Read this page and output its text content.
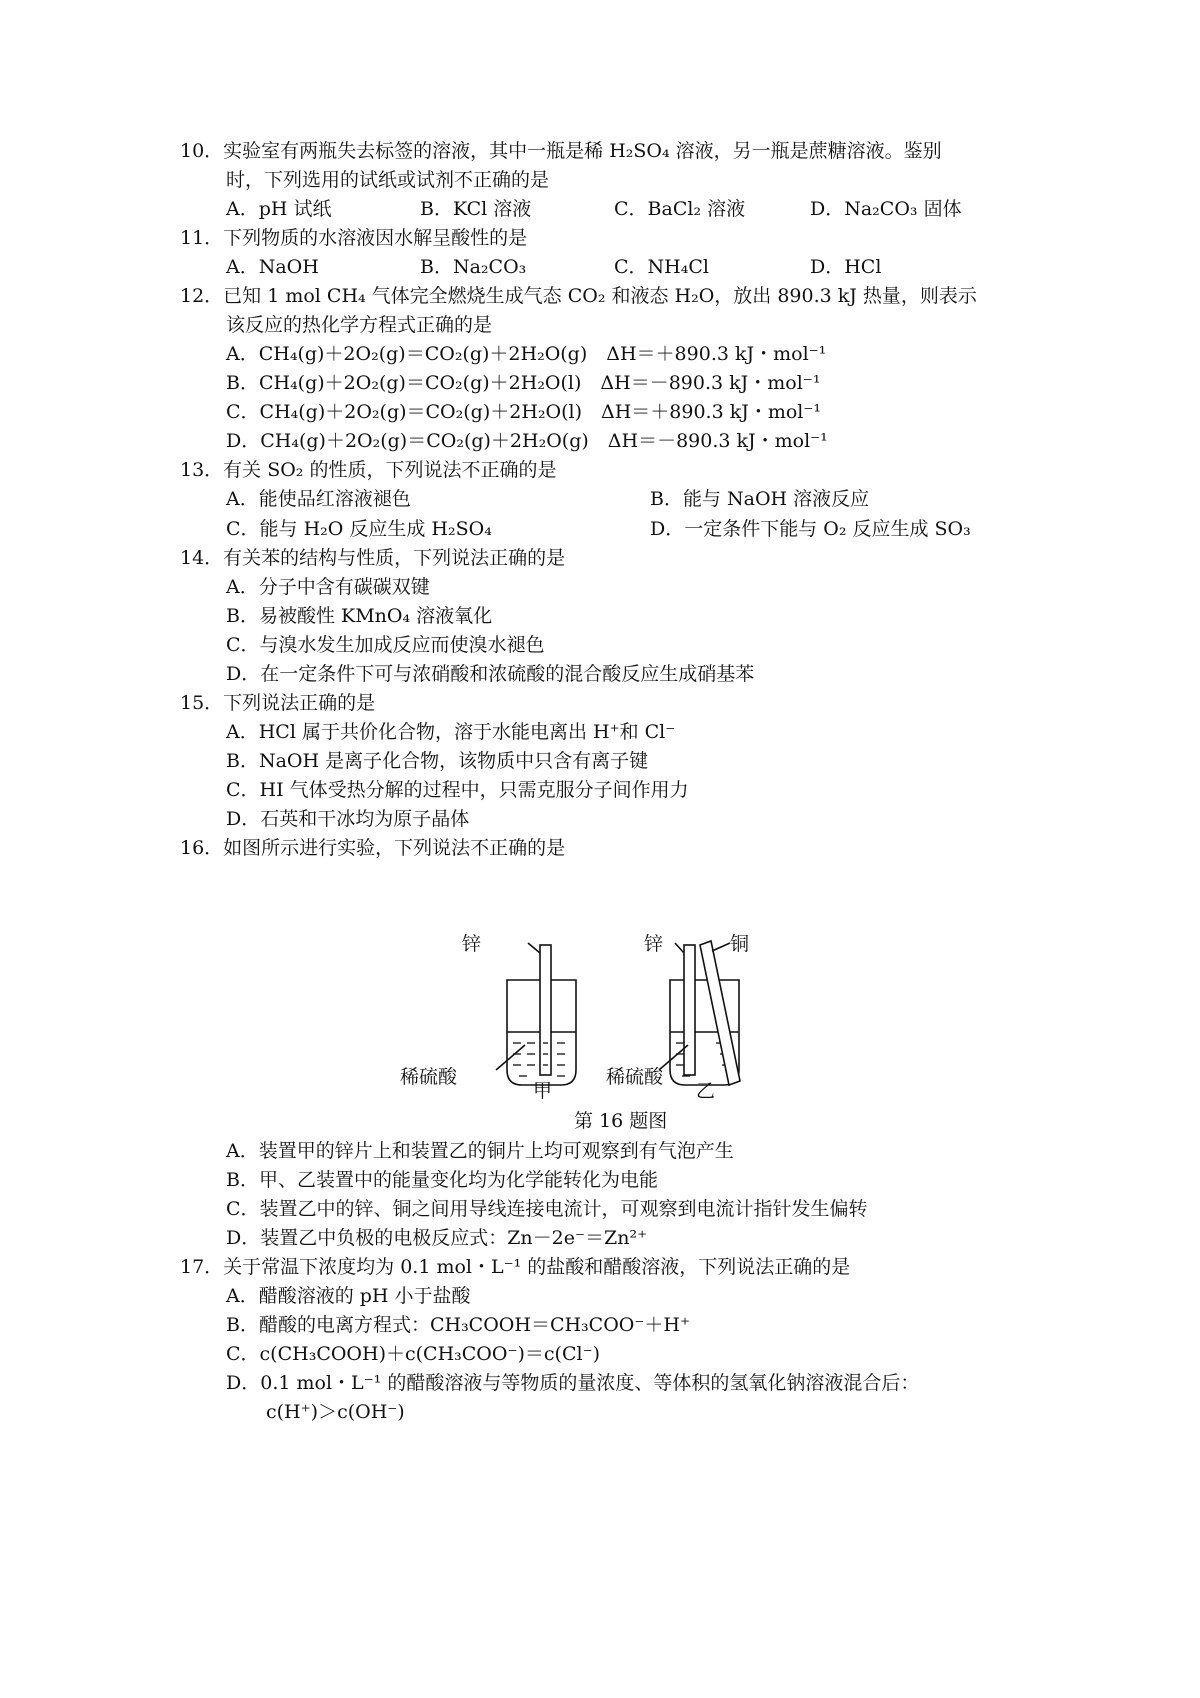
10．实验室有两瓶失去标签的溶液，其中一瓶是稀 H₂SO₄ 溶液，另一瓶是蔗糖溶液。鉴别
时，下列选用的试纸或试剂不正确的是
A．pH 试纸	B．KCl 溶液	C．BaCl₂ 溶液	D．Na₂CO₃ 固体
11．下列物质的水溶液因水解呈酸性的是
A．NaOH	B．Na₂CO₃	C．NH₄Cl	D．HCl
12．已知 1 mol CH₄ 气体完全燃烧生成气态 CO₂ 和液态 H₂O，放出 890.3 kJ 热量，则表示
该反应的热化学方程式正确的是
A．CH₄(g)＋2O₂(g)＝CO₂(g)＋2H₂O(g)　ΔH＝＋890.3 kJ・mol⁻¹
B．CH₄(g)＋2O₂(g)＝CO₂(g)＋2H₂O(l)　ΔH＝－890.3 kJ・mol⁻¹
C．CH₄(g)＋2O₂(g)＝CO₂(g)＋2H₂O(l)　ΔH＝＋890.3 kJ・mol⁻¹
D．CH₄(g)＋2O₂(g)＝CO₂(g)＋2H₂O(g)　ΔH＝－890.3 kJ・mol⁻¹
13．有关 SO₂ 的性质，下列说法不正确的是
A．能使品红溶液褪色	B．能与 NaOH 溶液反应
C．能与 H₂O 反应生成 H₂SO₄	D．一定条件下能与 O₂ 反应生成 SO₃
14．有关苯的结构与性质，下列说法正确的是
A．分子中含有碳碳双键
B．易被酸性 KMnO₄ 溶液氧化
C．与溴水发生加成反应而使溴水褪色
D．在一定条件下可与浓硝酸和浓硫酸的混合酸反应生成硝基苯
15．下列说法正确的是
A．HCl 属于共价化合物，溶于水能电离出 H⁺和 Cl⁻
B．NaOH 是离子化合物，该物质中只含有离子键
C．HI 气体受热分解的过程中，只需克服分子间作用力
D．石英和干冰均为原子晶体
16．如图所示进行实验，下列说法不正确的是
锌
稀硫酸
甲
锌	铜
稀硫酸
乙
第 16 题图
A．装置甲的锌片上和装置乙的铜片上均可观察到有气泡产生
B．甲、乙装置中的能量变化均为化学能转化为电能
C．装置乙中的锌、铜之间用导线连接电流计，可观察到电流计指针发生偏转
D．装置乙中负极的电极反应式：Zn－2e⁻＝Zn²⁺
17．关于常温下浓度均为 0.1 mol・L⁻¹ 的盐酸和醋酸溶液，下列说法正确的是
A．醋酸溶液的 pH 小于盐酸
B．醋酸的电离方程式：CH₃COOH＝CH₃COO⁻＋H⁺
C．c(CH₃COOH)＋c(CH₃COO⁻)＝c(Cl⁻)
D．0.1 mol・L⁻¹ 的醋酸溶液与等物质的量浓度、等体积的氢氧化钠溶液混合后：
c(H⁺)＞c(OH⁻)
